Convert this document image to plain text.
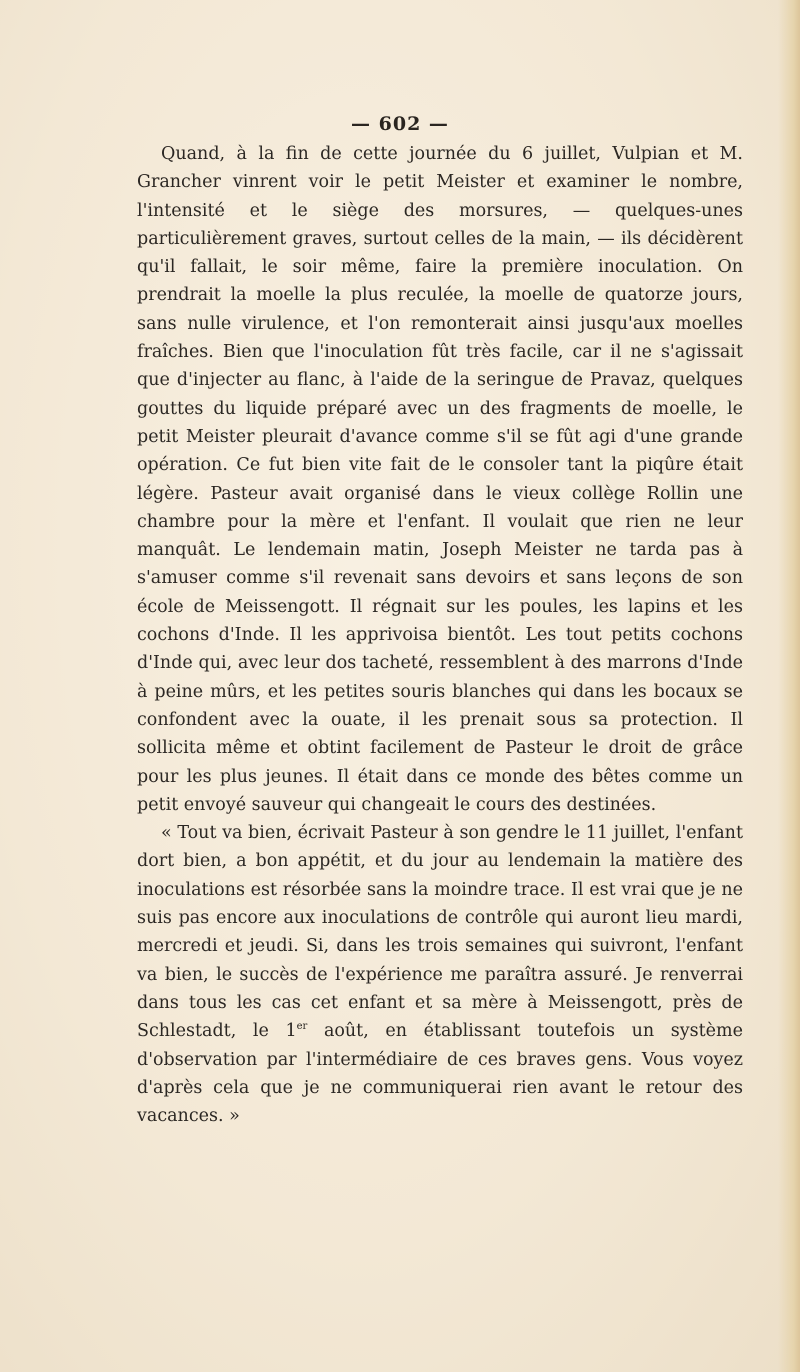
— 602 —

Quand, à la fin de cette journée du 6 juillet, Vulpian et M. Grancher vinrent voir le petit Meister et examiner le nombre, l'intensité et le siège des morsures, — quelques-unes particulièrement graves, surtout celles de la main, — ils décidèrent qu'il fallait, le soir même, faire la première inoculation. On prendrait la moelle la plus reculée, la moelle de quatorze jours, sans nulle virulence, et l'on remonterait ainsi jusqu'aux moelles fraîches. Bien que l'inoculation fût très facile, car il ne s'agissait que d'injecter au flanc, à l'aide de la seringue de Pravaz, quelques gouttes du liquide préparé avec un des fragments de moelle, le petit Meister pleurait d'avance comme s'il se fût agi d'une grande opération. Ce fut bien vite fait de le consoler tant la piqûre était légère. Pasteur avait organisé dans le vieux collège Rollin une chambre pour la mère et l'enfant. Il voulait que rien ne leur manquât. Le lendemain matin, Joseph Meister ne tarda pas à s'amuser comme s'il revenait sans devoirs et sans leçons de son école de Meissengott. Il régnait sur les poules, les lapins et les cochons d'Inde. Il les apprivoisa bientôt. Les tout petits cochons d'Inde qui, avec leur dos tacheté, ressemblent à des marrons d'Inde à peine mûrs, et les petites souris blanches qui dans les bocaux se confondent avec la ouate, il les prenait sous sa protection. Il sollicita même et obtint facilement de Pasteur le droit de grâce pour les plus jeunes. Il était dans ce monde des bêtes comme un petit envoyé sauveur qui changeait le cours des destinées.

« Tout va bien, écrivait Pasteur à son gendre le 11 juillet, l'enfant dort bien, a bon appétit, et du jour au lendemain la matière des inoculations est résorbée sans la moindre trace. Il est vrai que je ne suis pas encore aux inoculations de contrôle qui auront lieu mardi, mercredi et jeudi. Si, dans les trois semaines qui suivront, l'enfant va bien, le succès de l'expérience me paraîtra assuré. Je renverrai dans tous les cas cet enfant et sa mère à Meissengott, près de Schlestadt, le 1er août, en établissant toutefois un système d'observation par l'intermédiaire de ces braves gens. Vous voyez d'après cela que je ne communiquerai rien avant le retour des vacances. »
